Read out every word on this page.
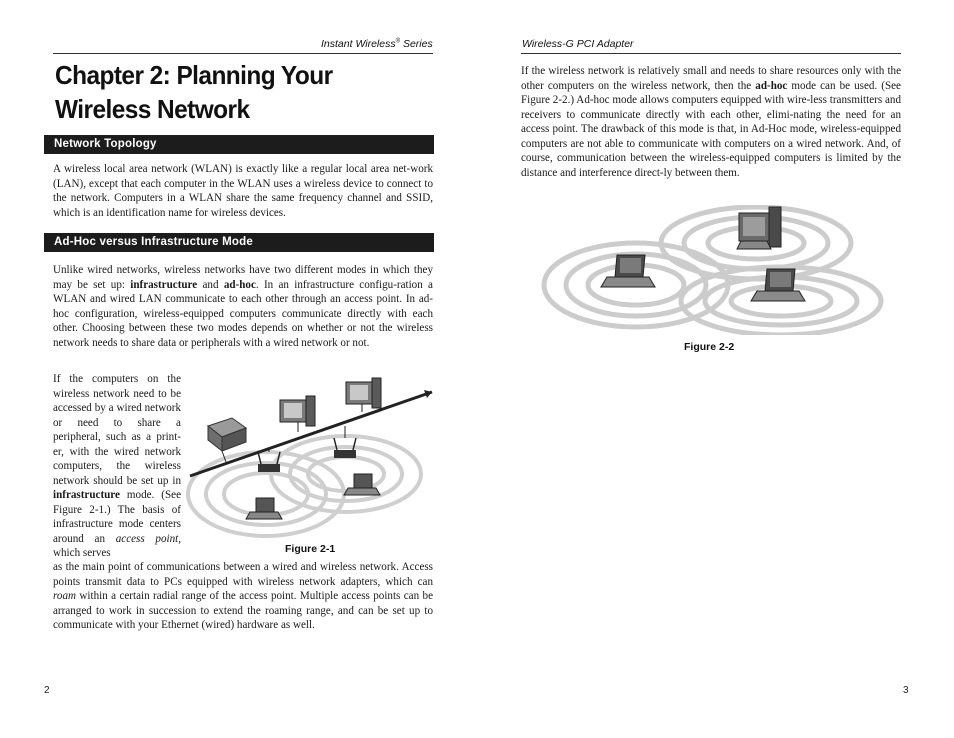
Instant Wireless® Series
Chapter 2: Planning Your Wireless Network
Network Topology

A wireless local area network (WLAN) is exactly like a regular local area net-work (LAN), except that each computer in the WLAN uses a wireless device to connect to the network. Computers in a WLAN share the same frequency channel and SSID, which is an identification name for wireless devices.

Ad-Hoc versus Infrastructure Mode

Unlike wired networks, wireless networks have two different modes in which they may be set up: infrastructure and ad-hoc. In an infrastructure configu-ration a WLAN and wired LAN communicate to each other through an access point. In ad-hoc configuration, wireless-equipped computers communicate directly with each other. Choosing between these two modes depends on whether or not the wireless network needs to share data or peripherals with a wired network or not.

If the computers on the wireless network need to be accessed by a wired network or need to share a peripheral, such as a print-er, with the wired network computers, the wireless network should be set up in infrastructure mode. (See Figure 2-1.) The basis of infrastructure mode centers around an access point, which serves

as the main point of communications between a wired and wireless network. Access points transmit data to PCs equipped with wireless network adapters, which can roam within a certain radial range of the access point. Multiple access points can be arranged to work in succession to extend the roaming range, and can be set up to communicate with your Ethernet (wired) hardware as well.

Figure 2-1
2
Wireless-G PCI Adapter

If the wireless network is relatively small and needs to share resources only with the other computers on the wireless network, then the ad-hoc mode can be used. (See Figure 2-2.) Ad-hoc mode allows computers equipped with wire-less transmitters and receivers to communicate directly with each other, elimi-nating the need for an access point. The drawback of this mode is that, in Ad-Hoc mode, wireless-equipped computers are not able to communicate with computers on a wired network. And, of course, communication between the wireless-equipped computers is limited by the distance and interference direct-ly between them.

Figure 2-2
3
